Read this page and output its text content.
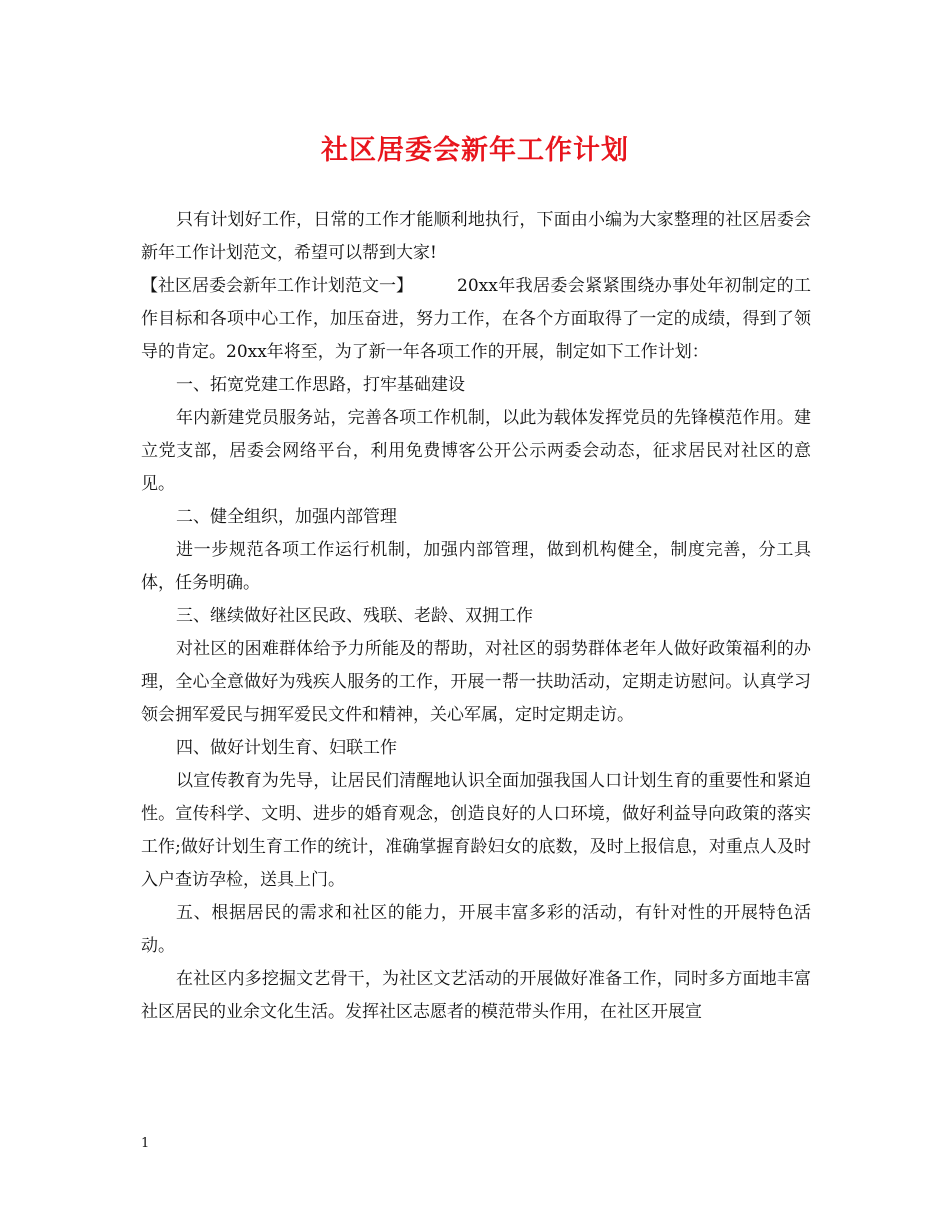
社区居委会新年工作计划

只有计划好工作，日常的工作才能顺利地执行，下面由小编为大家整理的社区居委会新年工作计划范文，希望可以帮到大家!

【社区居委会新年工作计划范文一】	20xx年我居委会紧紧围绕办事处年初制定的工作目标和各项中心工作，加压奋进，努力工作，在各个方面取得了一定的成绩，得到了领导的肯定。20xx年将至，为了新一年各项工作的开展，制定如下工作计划：

一、拓宽党建工作思路，打牢基础建设

年内新建党员服务站，完善各项工作机制，以此为载体发挥党员的先锋模范作用。建立党支部，居委会网络平台，利用免费博客公开公示两委会动态，征求居民对社区的意见。

二、健全组织，加强内部管理

进一步规范各项工作运行机制，加强内部管理，做到机构健全，制度完善，分工具体，任务明确。

三、继续做好社区民政、残联、老龄、双拥工作

对社区的困难群体给予力所能及的帮助，对社区的弱势群体老年人做好政策福利的办理，全心全意做好为残疾人服务的工作，开展一帮一扶助活动，定期走访慰问。认真学习领会拥军爱民与拥军爱民文件和精神，关心军属，定时定期走访。

四、做好计划生育、妇联工作

以宣传教育为先导，让居民们清醒地认识全面加强我国人口计划生育的重要性和紧迫性。宣传科学、文明、进步的婚育观念，创造良好的人口环境，做好利益导向政策的落实工作;做好计划生育工作的统计，准确掌握育龄妇女的底数，及时上报信息，对重点人及时入户查访孕检，送具上门。

五、根据居民的需求和社区的能力，开展丰富多彩的活动，有针对性的开展特色活动。

在社区内多挖掘文艺骨干，为社区文艺活动的开展做好准备工作，同时多方面地丰富社区居民的业余文化生活。发挥社区志愿者的模范带头作用，在社区开展宣

1
